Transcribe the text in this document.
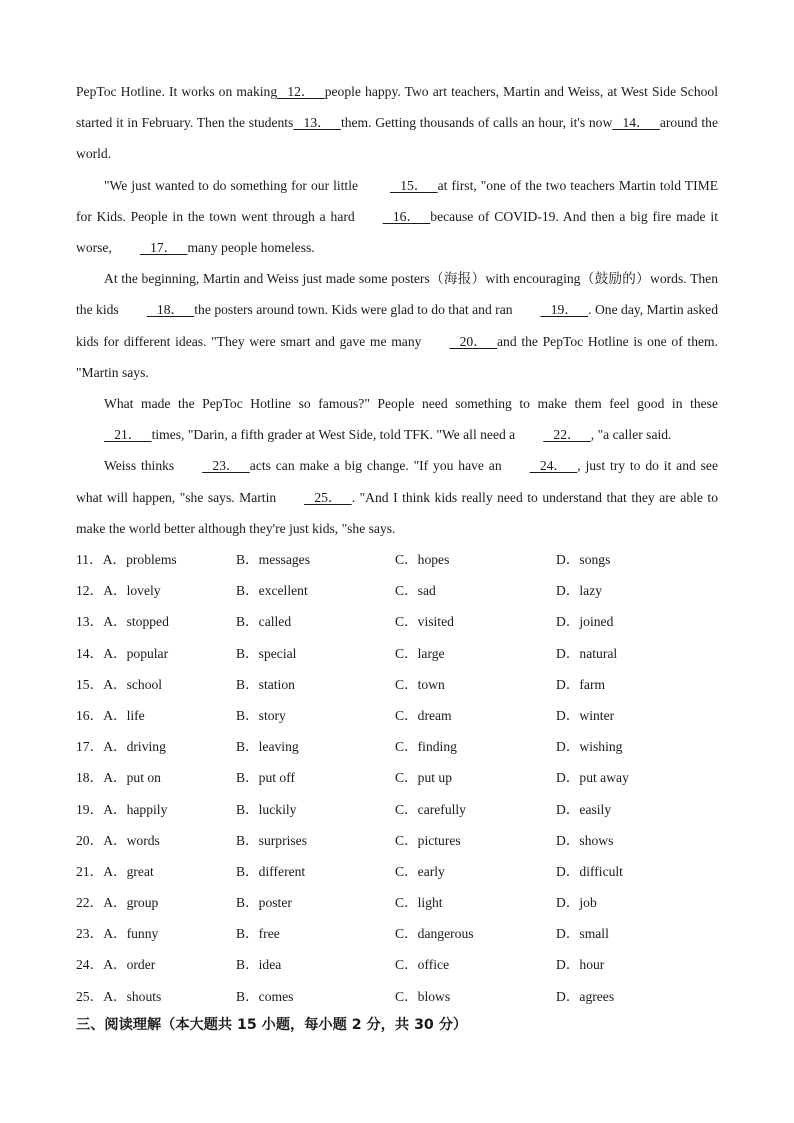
PepToc Hotline. It works on making   12．   people happy. Two art teachers, Martin and Weiss, at West Side School started it in February. Then the students   13．   them. Getting thousands of calls an hour, it's now   14．   around the world.

"We just wanted to do something for our little    15．   at first, "one of the two teachers Martin told TIME for Kids. People in the town went through a hard   16．   because of COVID-19. And then a big fire made it worse,   17．   many people homeless.

At the beginning, Martin and Weiss just made some posters（海报）with encouraging（鼓励的）words. Then the kids   18．   the posters around town. Kids were glad to do that and ran   19．   . One day, Martin asked kids for different ideas. "They were smart and gave me many   20．   and the PepToc Hotline is one of them. "Martin says.

What made the PepToc Hotline so famous?" People need something to make them feel good in these   21．   times, "Darin, a fifth grader at West Side, told TFK. "We all need a   22．   , "a caller said.

Weiss thinks   23．   acts can make a big change. "If you have an   24．   , just try to do it and see what will happen, "she says. Martin   25．   . "And I think kids really need to understand that they are able to make the world better although they're just kids, "she says.

11．A．problems	B．messages	C．hopes	D．songs
12．A．lovely	B．excellent	C．sad	D．lazy
13．A．stopped	B．called	C．visited	D．joined
14．A．popular	B．special	C．large	D．natural
15．A．school	B．station	C．town	D．farm
16．A．life	B．story	C．dream	D．winter
17．A．driving	B．leaving	C．finding	D．wishing
18．A．put on	B．put off	C．put up	D．put away
19．A．happily	B．luckily	C．carefully	D．easily
20．A．words	B．surprises	C．pictures	D．shows
21．A．great	B．different	C．early	D．difficult
22．A．group	B．poster	C．light	D．job
23．A．funny	B．free	C．dangerous	D．small
24．A．order	B．idea	C．office	D．hour
25．A．shouts	B．comes	C．blows	D．agrees
三、阅读理解（本大题共 15 小题，每小题 2 分，共 30 分）
